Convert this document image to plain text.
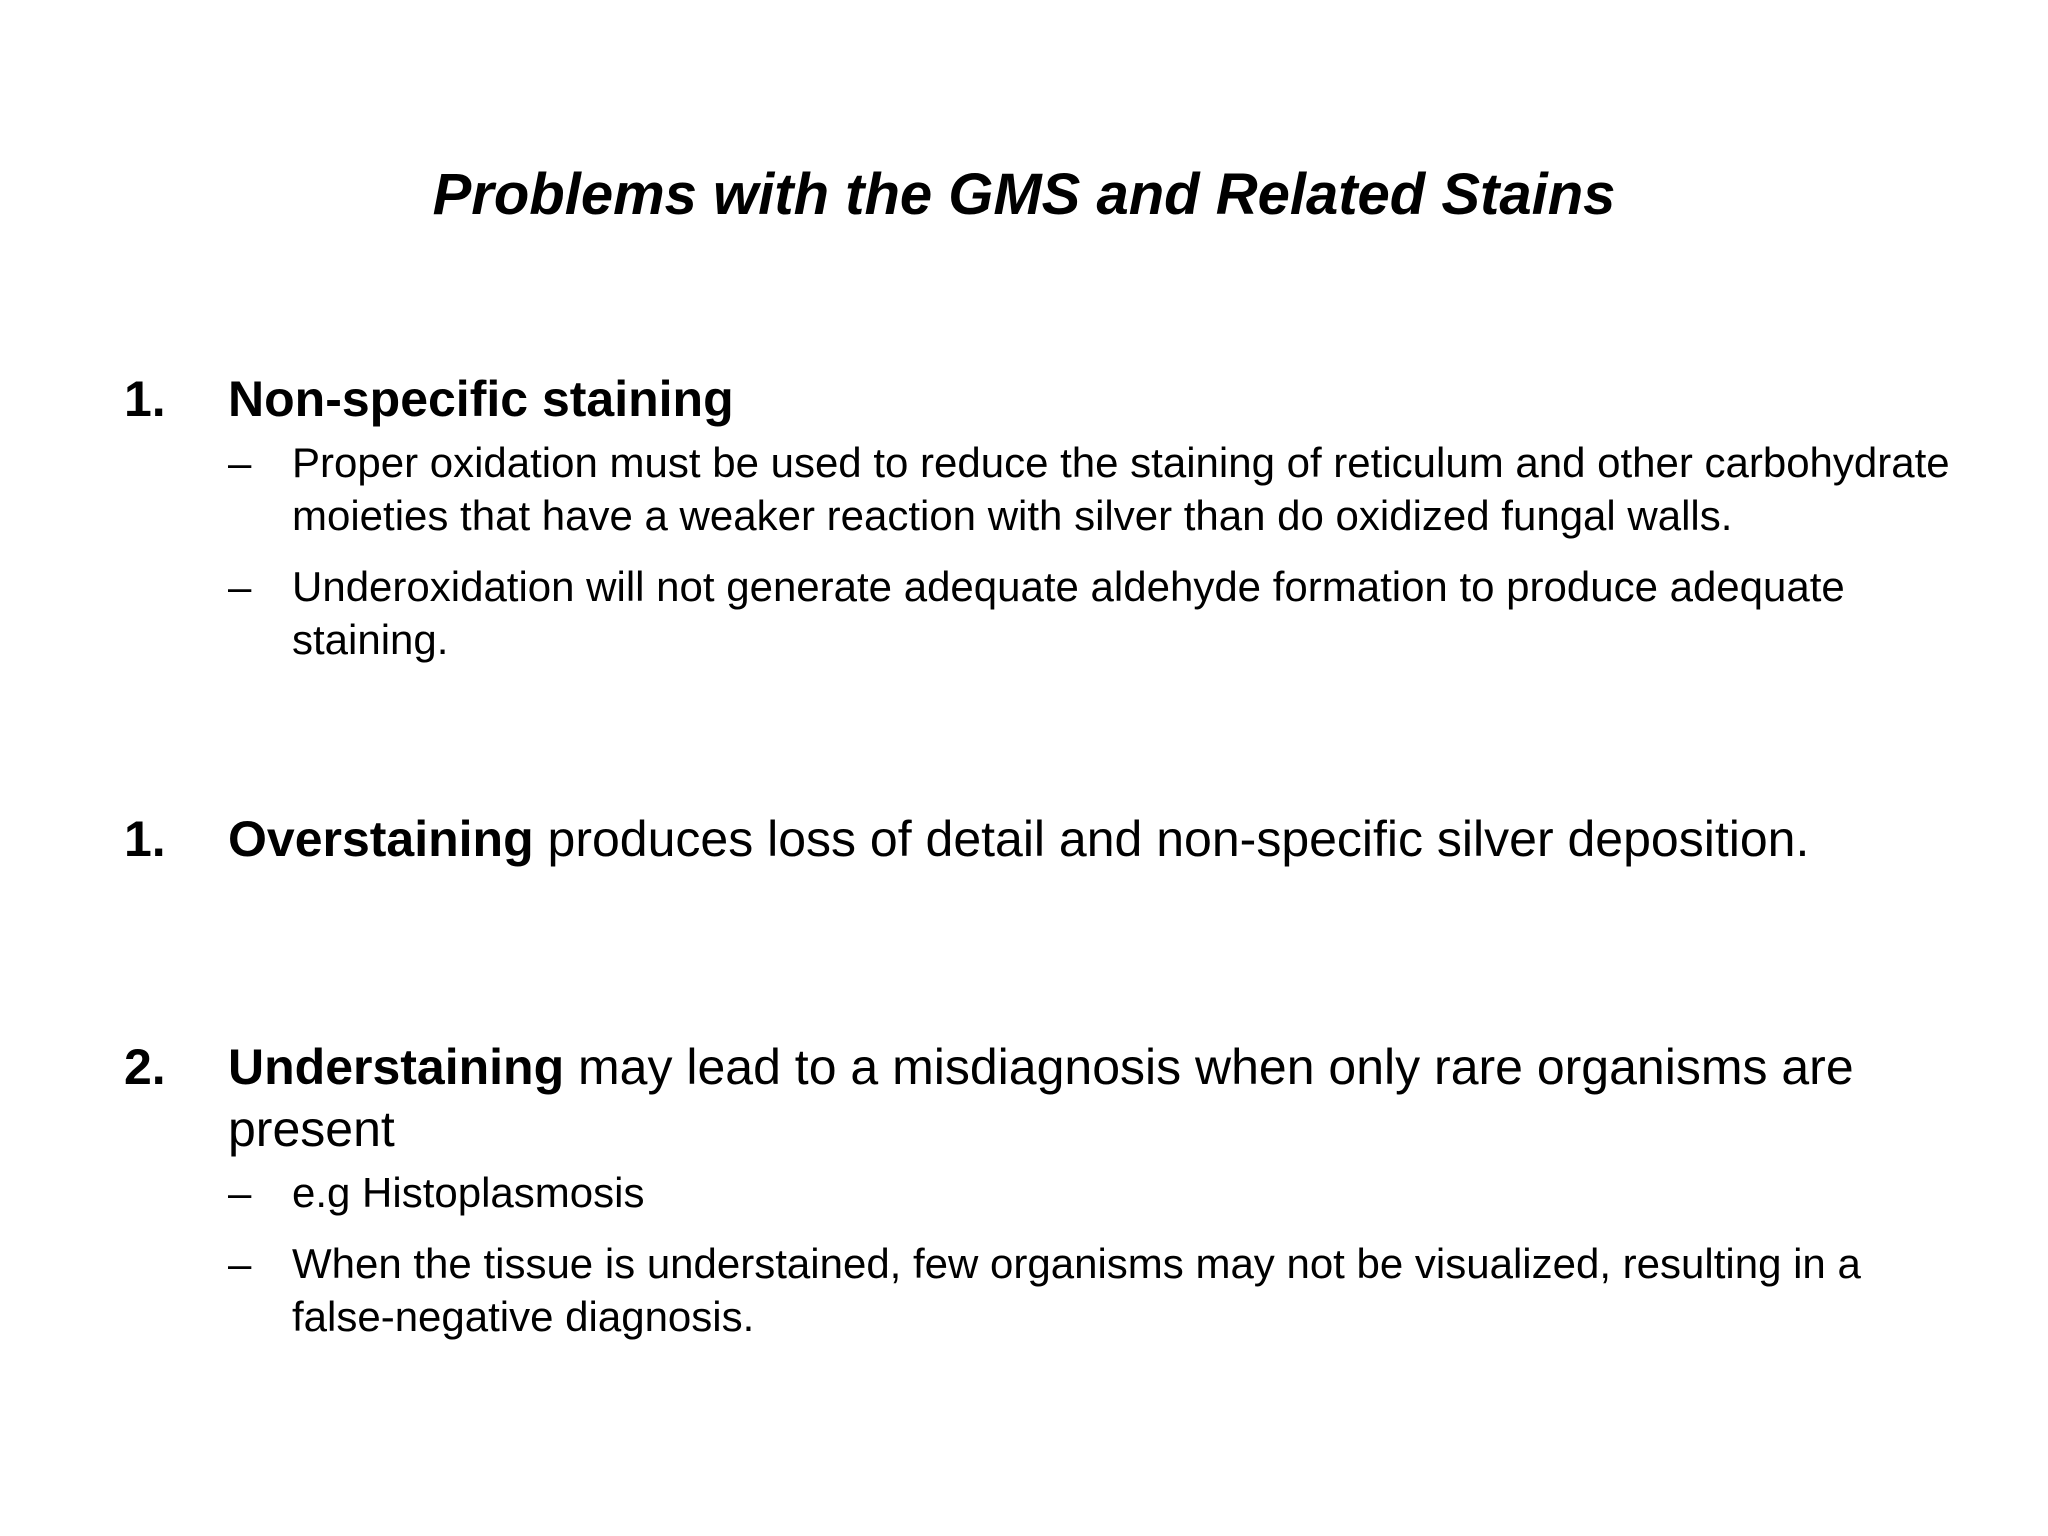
Problems with the GMS and Related Stains
1. Non-specific staining
– Proper oxidation must be used to reduce the staining of reticulum and other carbohydrate moieties that have a weaker reaction with silver than do oxidized fungal walls.
– Underoxidation will not generate adequate aldehyde formation to produce adequate staining.
1. Overstaining produces loss of detail and non-specific silver deposition.
2. Understaining may lead to a misdiagnosis when only rare organisms are present
– e.g Histoplasmosis
– When the tissue is understained, few organisms may not be visualized, resulting in a false-negative diagnosis.
